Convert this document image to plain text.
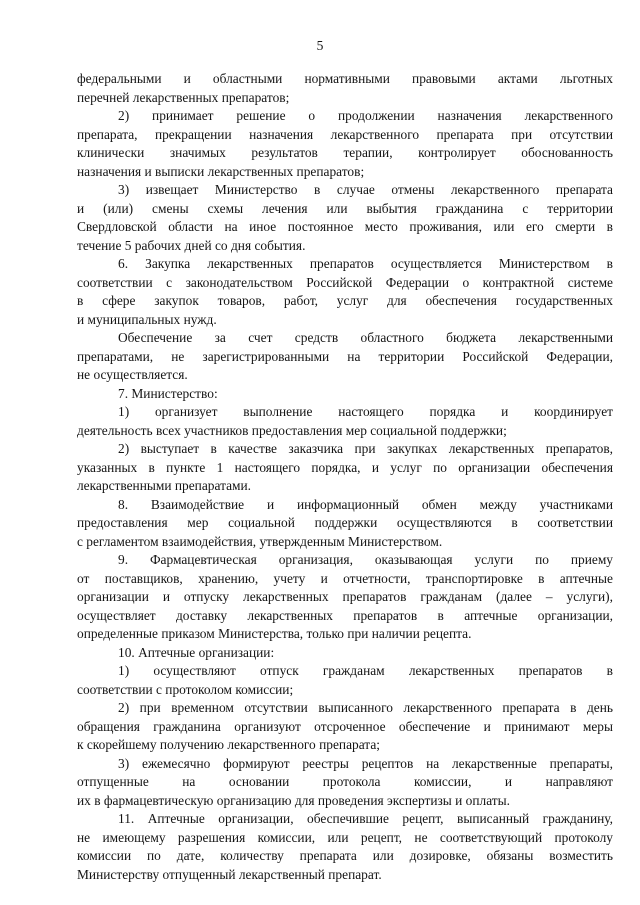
5
федеральными и областными нормативными правовыми актами льготных
перечней лекарственных препаратов;
2) принимает решение о продолжении назначения лекарственного
препарата, прекращении назначения лекарственного препарата при отсутствии
клинически значимых результатов терапии, контролирует обоснованность
назначения и выписки лекарственных препаратов;
3) извещает Министерство в случае отмены лекарственного препарата
и (или) смены схемы лечения или выбытия гражданина с территории
Свердловской области на иное постоянное место проживания, или его смерти в
течение 5 рабочих дней со дня события.
6. Закупка лекарственных препаратов осуществляется Министерством в
соответствии с законодательством Российской Федерации о контрактной системе
в сфере закупок товаров, работ, услуг для обеспечения государственных
и муниципальных нужд.
Обеспечение за счет средств областного бюджета лекарственными
препаратами, не зарегистрированными на территории Российской Федерации,
не осуществляется.
7. Министерство:
1) организует выполнение настоящего порядка и координирует
деятельность всех участников предоставления мер социальной поддержки;
2) выступает в качестве заказчика при закупках лекарственных препаратов,
указанных в пункте 1 настоящего порядка, и услуг по организации обеспечения
лекарственными препаратами.
8. Взаимодействие и информационный обмен между участниками
предоставления мер социальной поддержки осуществляются в соответствии
с регламентом взаимодействия, утвержденным Министерством.
9. Фармацевтическая организация, оказывающая услуги по приему
от поставщиков, хранению, учету и отчетности, транспортировке в аптечные
организации и отпуску лекарственных препаратов гражданам (далее – услуги),
осуществляет доставку лекарственных препаратов в аптечные организации,
определенные приказом Министерства, только при наличии рецепта.
10. Аптечные организации:
1) осуществляют отпуск гражданам лекарственных препаратов в
соответствии с протоколом комиссии;
2) при временном отсутствии выписанного лекарственного препарата в день
обращения гражданина организуют отсроченное обеспечение и принимают меры
к скорейшему получению лекарственного препарата;
3) ежемесячно формируют реестры рецептов на лекарственные препараты,
отпущенные на основании протокола комиссии, и направляют
их в фармацевтическую организацию для проведения экспертизы и оплаты.
11. Аптечные организации, обеспечившие рецепт, выписанный гражданину,
не имеющему разрешения комиссии, или рецепт, не соответствующий протоколу
комиссии по дате, количеству препарата или дозировке, обязаны возместить
Министерству отпущенный лекарственный препарат.
